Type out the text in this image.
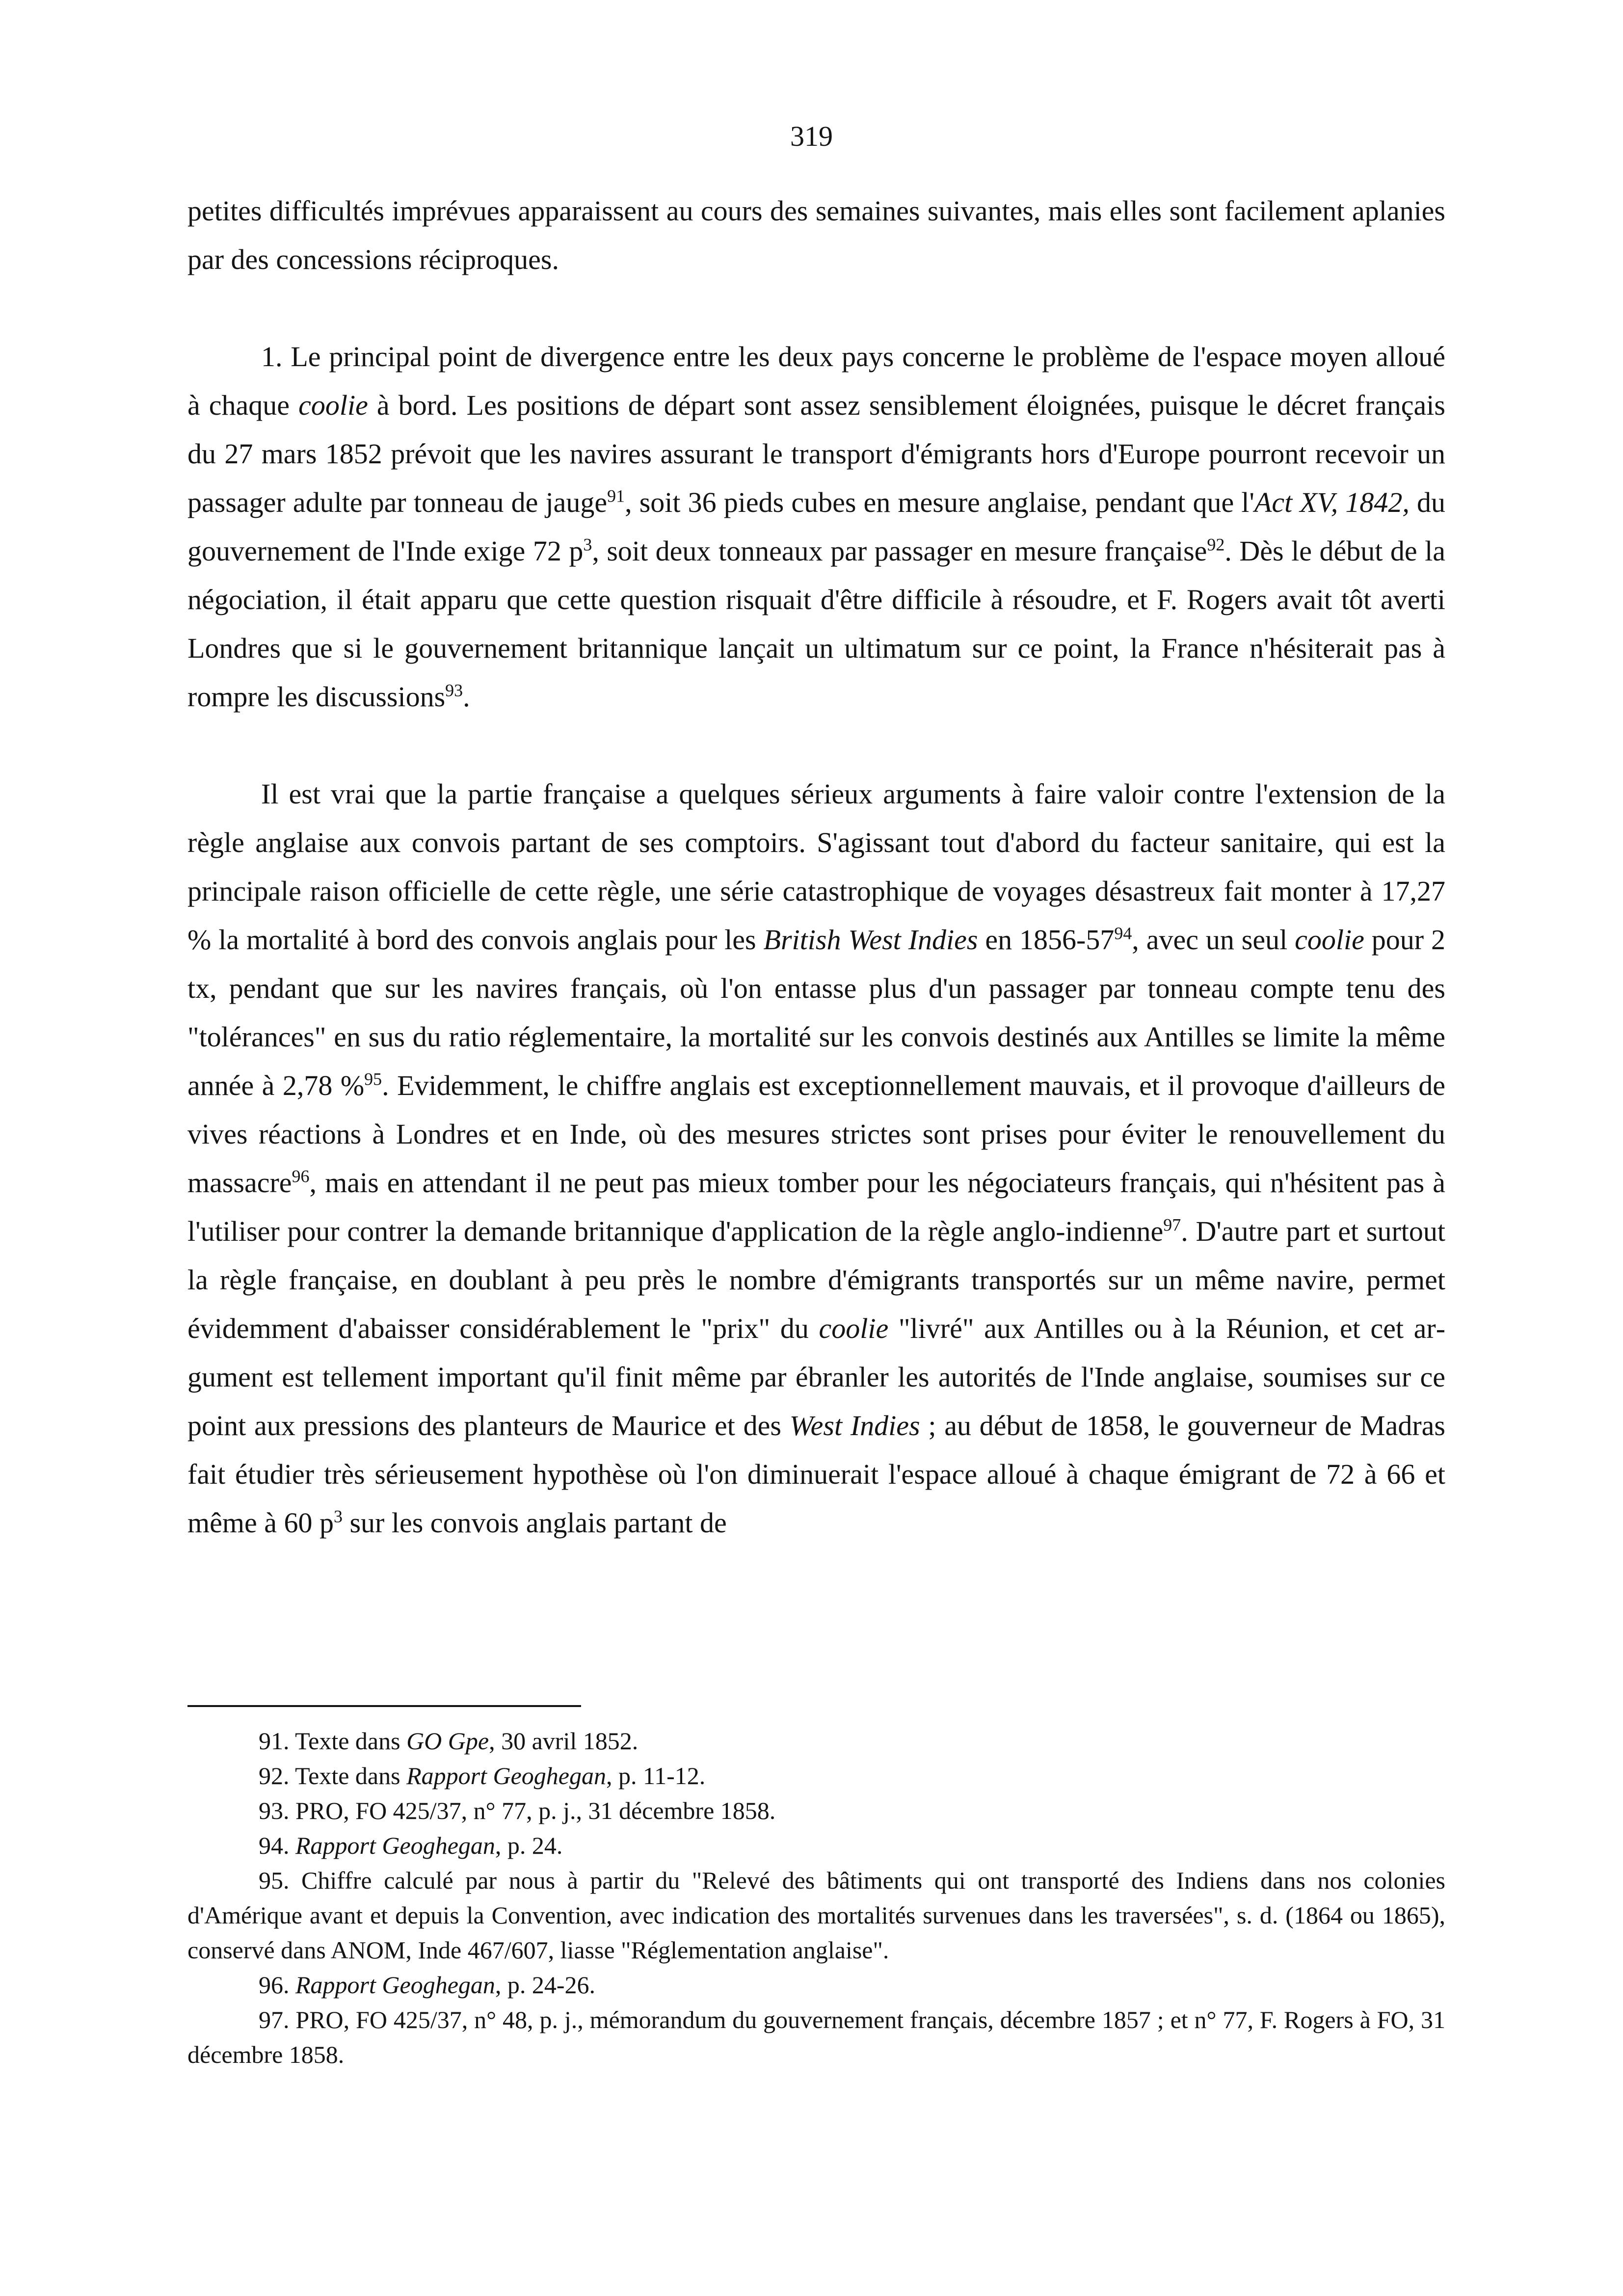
319

petites difficultés imprévues apparaissent au cours des semaines suivantes, mais elles sont facilement aplanies par des concessions réciproques.

1. Le principal point de divergence entre les deux pays concerne le problème de l'espace moyen alloué à chaque coolie à bord. Les positions de départ sont assez sensiblement éloignées, puisque le décret français du 27 mars 1852 prévoit que les navires assurant le transport d'émigrants hors d'Europe pourront recevoir un passager adulte par tonneau de jauge$^{91}$, soit 36 pieds cubes en mesure anglaise, pendant que l'Act XV, 1842, du gouvernement de l'Inde exige 72 $p^3$, soit deux tonneaux par passager en mesure française$^{92}$. Dès le début de la négociation, il était apparu que cette question risquait d'être difficile à résoudre, et F. Rogers avait tôt averti Londres que si le gouvernement britannique lançait un ultimatum sur ce point, la France n'hésiterait pas à rompre les discussions$^{93}$.

Il est vrai que la partie française a quelques sérieux arguments à faire valoir contre l'extension de la règle anglaise aux convois partant de ses comptoirs. S'agissant tout d'abord du facteur sanitaire, qui est la principale raison officielle de cette règle, une série catastrophique de voyages désastreux fait monter à 17,27 % la mortalité à bord des convois anglais pour les British West Indies en $1856-57^{94}$, avec un seul coolie pour 2 tx, pendant que sur les navires français, où l'on entasse plus d'un passager par tonneau compte tenu des "tolérances" en sus du ratio réglementaire, la mortalité sur les convois destinés aux Antilles se limite la même année à 2,78 %$^{95}$. Evidemment, le chiffre anglais est exceptionnellement mauvais, et il provoque d'ailleurs de vives réactions à Londres et en Inde, où des mesures strictes sont prises pour éviter le renouvellement du massacre$^{96}$, mais en attendant il ne peut pas mieux tomber pour les négociateurs français, qui n'hésitent pas à l'utiliser pour contrer la demande britannique d'application de la règle anglo-indienne$^{97}$. D'autre part et surtout la règle française, en doublant à peu près le nombre d'émigrants transportés sur un même navire, permet évidemment d'abaisser considérablement le "prix" du coolie "livré" aux Antilles ou à la Réunion, et cet argument est tellement important qu'il finit même par ébranler les autorités de l'Inde anglaise, soumises sur ce point aux pressions des planteurs de Maurice et des West Indies ; au début de 1858, le gouverneur de Madras fait étudier très sérieusement hypothèse où l'on diminuerait l'espace alloué à chaque émigrant de 72 à 66 et même à 60 $p^3$ sur les convois anglais partant de

91. Texte dans GO Gpe, 30 avril 1852.

92. Texte dans Rapport Geoghegan, p. 11-12.

93. PRO, FO 425/37, n° 77, p. j., 31 décembre 1858.

94. Rapport Geoghegan, p. 24.

95. Chiffre calculé par nous à partir du "Relevé des bâtiments qui ont transporté des Indiens dans nos colonies d'Amérique avant et depuis la Convention, avec indication des mortalités survenues dans les traversées", s. d. (1864 ou 1865), conservé dans ANOM, Inde 467/607, liasse "Réglementation anglaise".

96. Rapport Geoghegan, p. 24-26.

97. PRO, FO 425/37, n° 48, p. j., mémorandum du gouvernement français, décembre 1857 ; et n° 77, F. Rogers à FO, 31 décembre 1858.
